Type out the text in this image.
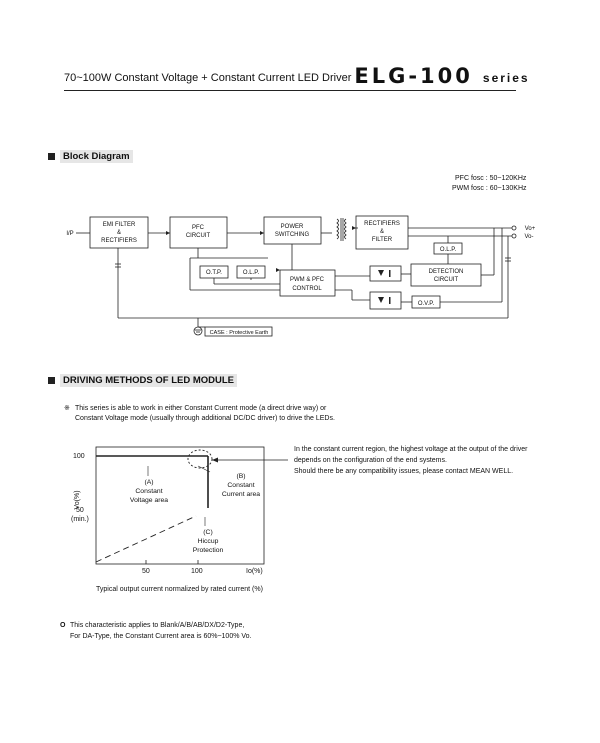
70~100W Constant Voltage + Constant Current LED Driver ELG-100 series
Block Diagram
PFC fosc : 50~120KHz
PWM fosc : 60~130KHz
I/P
Vo+
Vo-
EMI FILTER
&
RECTIFIERS
PFC
CIRCUIT
POWER
SWITCHING
RECTIFIERS
&
FILTER
O.L.P.
DETECTION
CIRCUIT
O.T.P.	O.L.P.
PWM & PFC
CONTROL
O.V.P.
CASE : Protective Earth
DRIVING METHODS OF LED MODULE
※ This series is able to work in either Constant Current mode (a direct drive way) or
Constant Voltage mode (usually through additional DC/DC driver) to drive the LEDs.
In the constant current region, the highest voltage at the output of the driver
depends on the configuration of the end systems.
Should there be any compatibility issues, please contact MEAN WELL.
100
50
(min.)
50	100	Io(%)
Vo(%)
(A)
Constant
Voltage area
(B)
Constant
Current area
(C)
Hiccup
Protection
Typical output current normalized by rated current (%)
O This characteristic applies to Blank/A/B/AB/DX/D2-Type,
For DA-Type, the Constant Current area is 60%~100% Vo.
